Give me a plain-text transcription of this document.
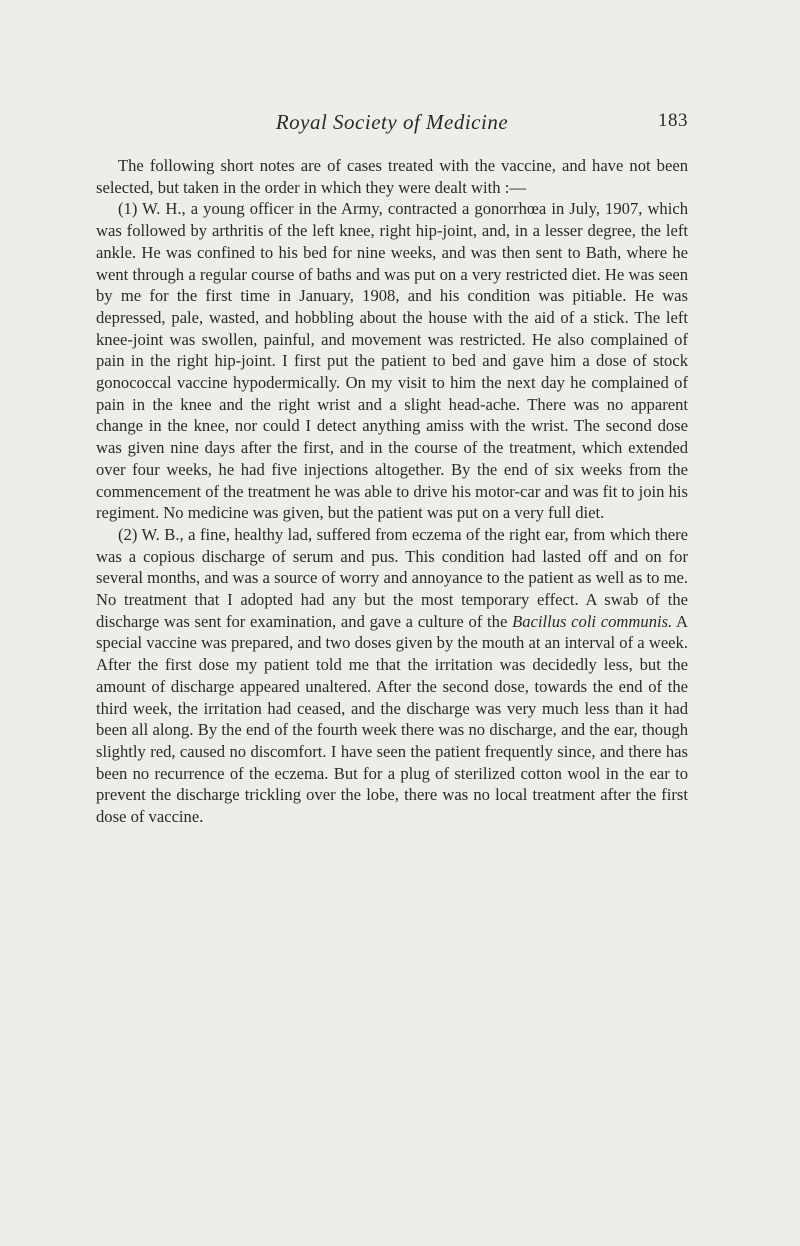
Royal Society of Medicine	183

The following short notes are of cases treated with the vaccine, and have not been selected, but taken in the order in which they were dealt with :—

(1) W. H., a young officer in the Army, contracted a gonorrhœa in July, 1907, which was followed by arthritis of the left knee, right hip-joint, and, in a lesser degree, the left ankle. He was confined to his bed for nine weeks, and was then sent to Bath, where he went through a regular course of baths and was put on a very restricted diet. He was seen by me for the first time in January, 1908, and his condition was pitiable. He was depressed, pale, wasted, and hobbling about the house with the aid of a stick. The left knee-joint was swollen, painful, and movement was restricted. He also complained of pain in the right hip-joint. I first put the patient to bed and gave him a dose of stock gonococcal vaccine hypodermically. On my visit to him the next day he complained of pain in the knee and the right wrist and a slight head-ache. There was no apparent change in the knee, nor could I detect anything amiss with the wrist. The second dose was given nine days after the first, and in the course of the treatment, which extended over four weeks, he had five injections altogether. By the end of six weeks from the commencement of the treatment he was able to drive his motor-car and was fit to join his regiment. No medicine was given, but the patient was put on a very full diet.

(2) W. B., a fine, healthy lad, suffered from eczema of the right ear, from which there was a copious discharge of serum and pus. This condition had lasted off and on for several months, and was a source of worry and annoyance to the patient as well as to me. No treatment that I adopted had any but the most temporary effect. A swab of the discharge was sent for examination, and gave a culture of the Bacillus coli communis. A special vaccine was prepared, and two doses given by the mouth at an interval of a week. After the first dose my patient told me that the irritation was decidedly less, but the amount of discharge appeared unaltered. After the second dose, towards the end of the third week, the irritation had ceased, and the discharge was very much less than it had been all along. By the end of the fourth week there was no discharge, and the ear, though slightly red, caused no discomfort. I have seen the patient frequently since, and there has been no recurrence of the eczema. But for a plug of sterilized cotton wool in the ear to prevent the discharge trickling over the lobe, there was no local treatment after the first dose of vaccine.
